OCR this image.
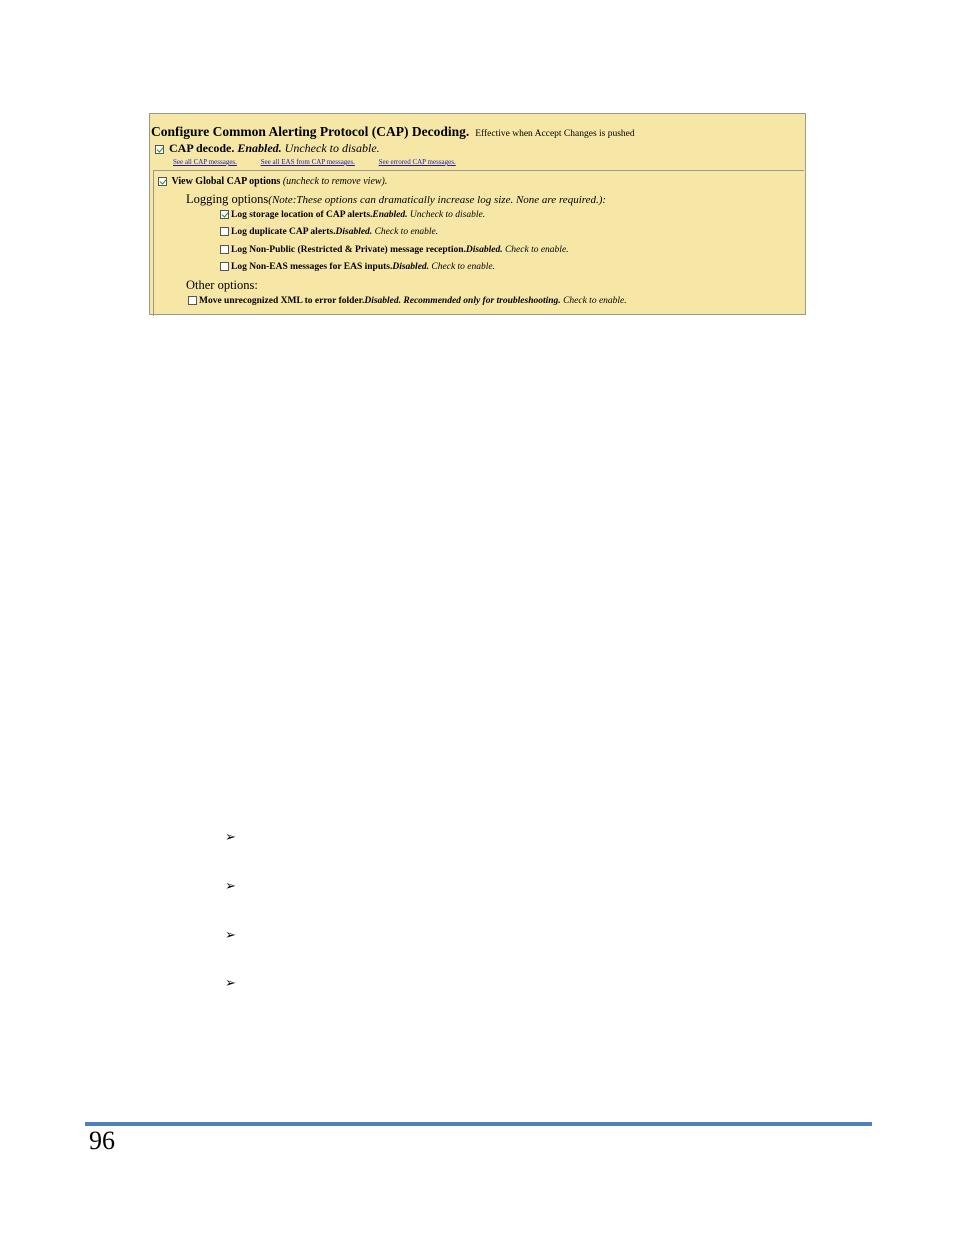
Configure Common Alerting Protocol (CAP) Decoding. Effective when Accept Changes is pushed
CAP decode. Enabled. Uncheck to disable.
See all CAP messages.	See all EAS from CAP messages.	See errored CAP messages.
View Global CAP options (uncheck to remove view).
Logging options(Note:These options can dramatically increase log size. None are required.):
Log storage location of CAP alerts.Enabled. Uncheck to disable.
Log duplicate CAP alerts.Disabled. Check to enable.
Log Non-Public (Restricted & Private) message reception.Disabled. Check to enable.
Log Non-EAS messages for EAS inputs.Disabled. Check to enable.
Other options:
Move unrecognized XML to error folder.Disabled. Recommended only for troubleshooting. Check to enable.
➢
➢
➢
➢
96
